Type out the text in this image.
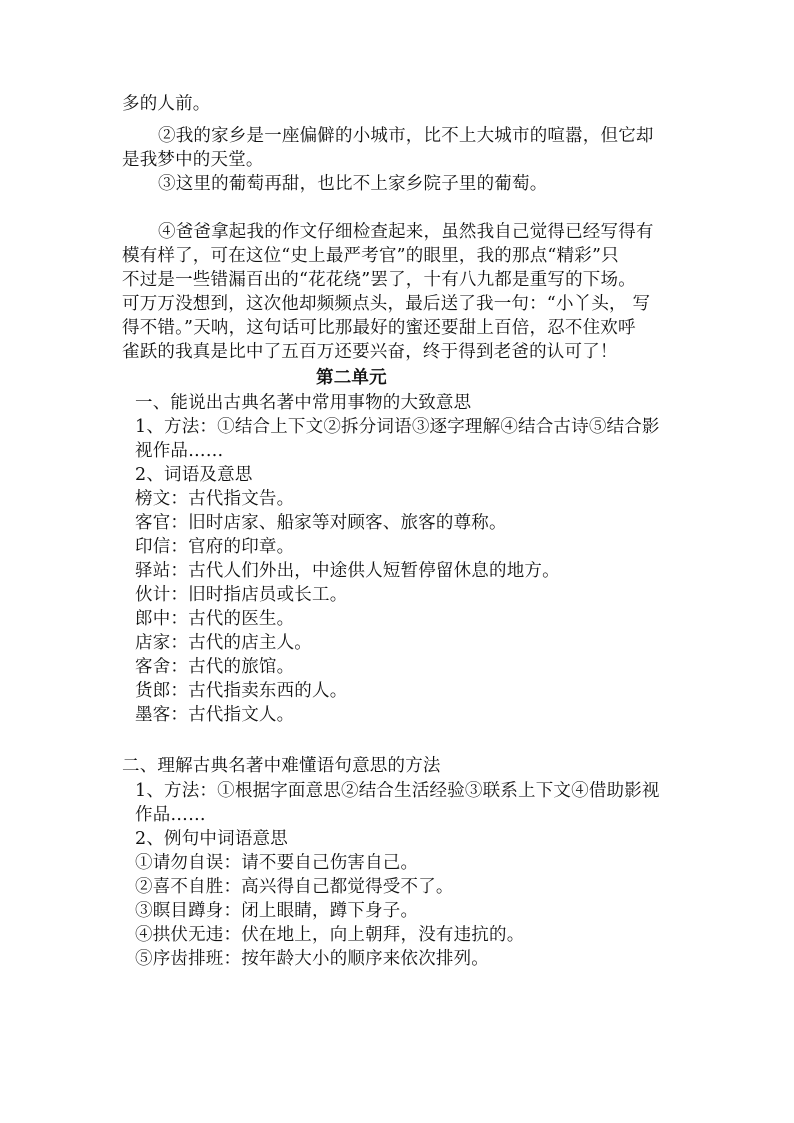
多的人前。
②我的家乡是一座偏僻的小城市，比不上大城市的喧嚣，但它却
是我梦中的天堂。
③这里的葡萄再甜，也比不上家乡院子里的葡萄。
④爸爸拿起我的作文仔细检查起来，虽然我自己觉得已经写得有
模有样了，可在这位“史上最严考官”的眼里，我的那点“精彩”只
不过是一些错漏百出的“花花绕”罢了，十有八九都是重写的下场。
可万万没想到，这次他却频频点头，最后送了我一句：“小丫头， 写
得不错。”天呐，这句话可比那最好的蜜还要甜上百倍，忍不住欢呼
雀跃的我真是比中了五百万还要兴奋，终于得到老爸的认可了！
第二单元
一、能说出古典名著中常用事物的大致意思
1、方法：①结合上下文②拆分词语③逐字理解④结合古诗⑤结合影
视作品……
2、词语及意思
榜文：古代指文告。
客官：旧时店家、船家等对顾客、旅客的尊称。
印信：官府的印章。
驿站：古代人们外出，中途供人短暂停留休息的地方。
伙计：旧时指店员或长工。
郎中：古代的医生。
店家：古代的店主人。
客舍：古代的旅馆。
货郎：古代指卖东西的人。
墨客：古代指文人。
二、理解古典名著中难懂语句意思的方法
1、方法：①根据字面意思②结合生活经验③联系上下文④借助影视
作品……
2、例句中词语意思
①请勿自误：请不要自己伤害自己。
②喜不自胜：高兴得自己都觉得受不了。
③瞑目蹲身：闭上眼睛，蹲下身子。
④拱伏无违：伏在地上，向上朝拜，没有违抗的。
⑤序齿排班：按年龄大小的顺序来依次排列。
